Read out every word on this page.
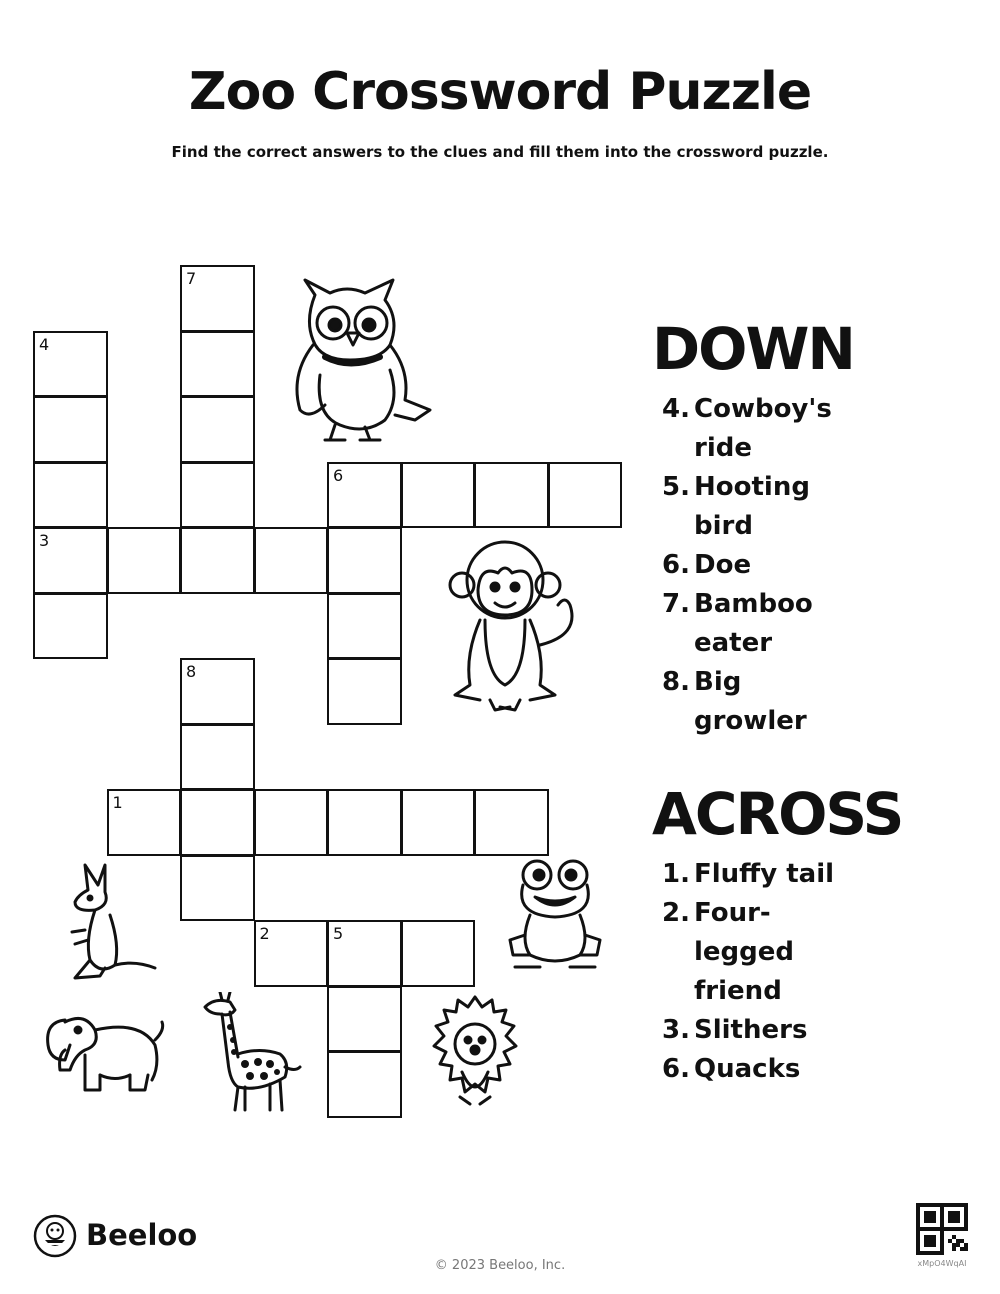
Zoo Crossword Puzzle
Find the correct answers to the clues and fill them into the crossword puzzle.
7
4
3
6
8
1
2	5
DOWN
4. Cowboy's ride
5. Hooting bird
6. Doe
7. Bamboo eater
8. Big growler
ACROSS
1. Fluffy tail
2. Four-legged friend
3. Slithers
6. Quacks
Beeloo
© 2023 Beeloo, Inc.	xMpO4WqAI
